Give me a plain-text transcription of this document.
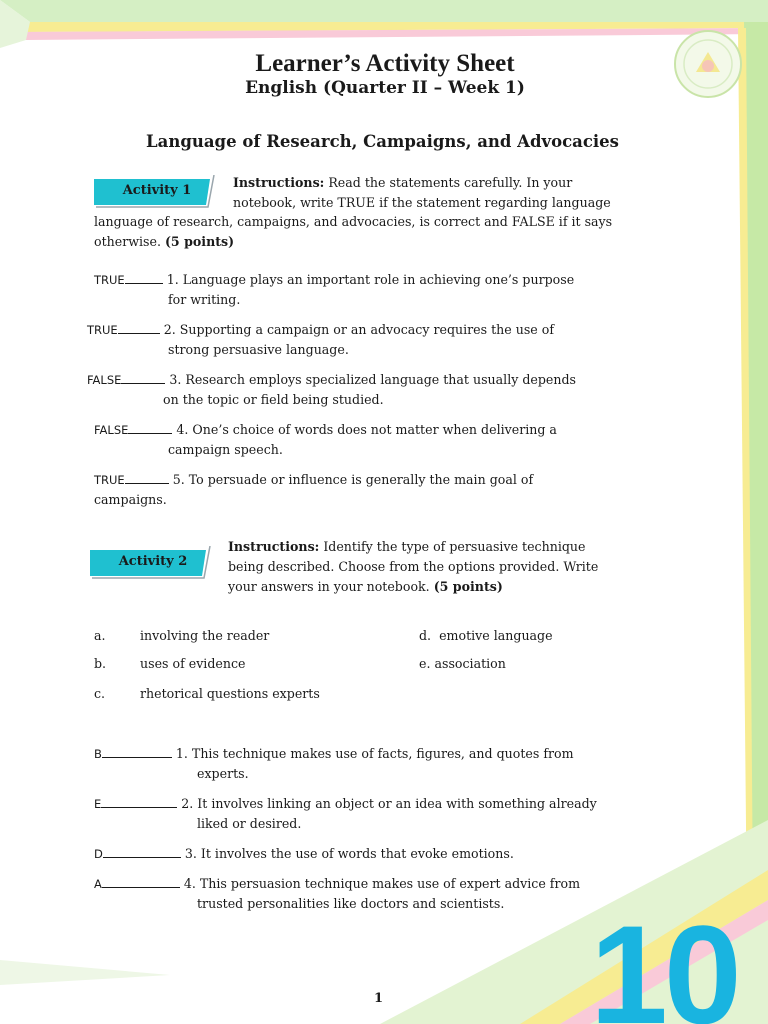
Learner’s Activity Sheet
English (Quarter II – Week 1)
Language of Research, Campaigns, and Advocacies
Activity 1	Instructions: Read the statements carefully. In your
notebook, write TRUE if the statement regarding language
language of research, campaigns, and advocacies, is correct and FALSE if it says
otherwise. (5 points)
TRUE	1. Language plays an important role in achieving one’s purpose
for writing.
TRUE	2. Supporting a campaign or an advocacy requires the use of
strong persuasive language.
FALSE	3. Research employs specialized language that usually depends
on the topic or field being studied.
FALSE	4. One’s choice of words does not matter when delivering a
campaign speech.
TRUE	5. To persuade or influence is generally the main goal of
campaigns.
Activity 2
Instructions: Identify the type of persuasive technique
being described. Choose from the options provided. Write
your answers in your notebook. (5 points)
a.	involving the reader
b.	uses of evidence
c.	rhetorical questions experts
d. emotive language
e. association
B	1. This technique makes use of facts, figures, and quotes from
experts.
E	2. It involves linking an object or an idea with something already
liked or desired.
D	3. It involves the use of words that evoke emotions.
A	4. This persuasion technique makes use of expert advice from
trusted personalities like doctors and scientists.
1 10
